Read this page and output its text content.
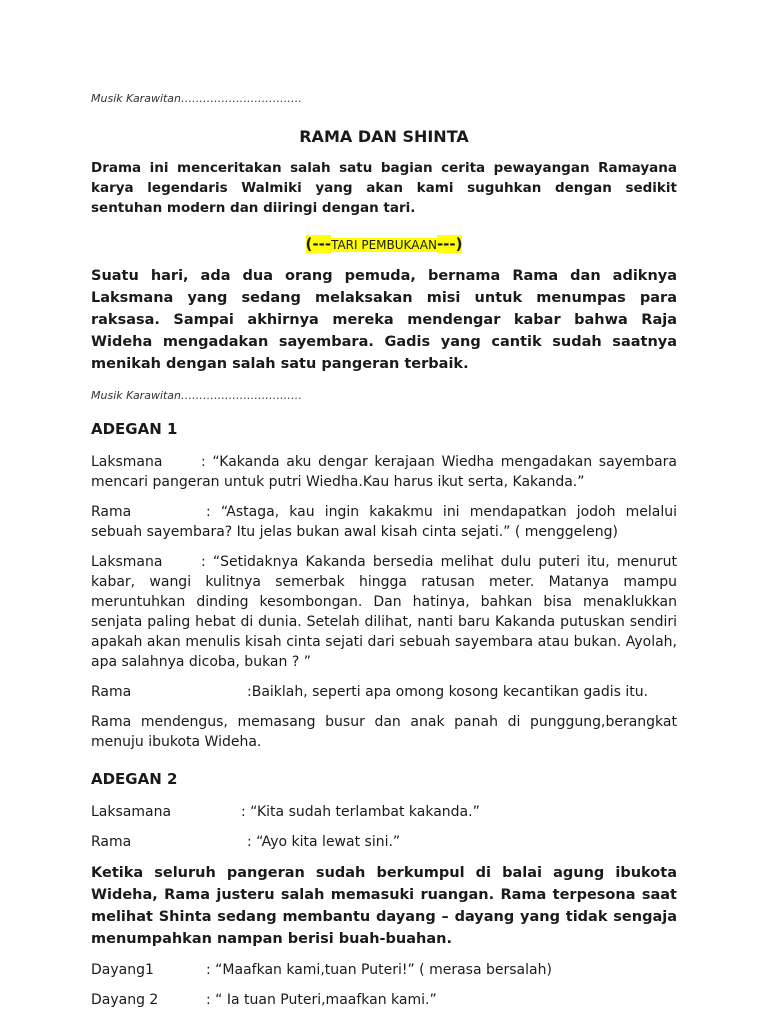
Musik Karawitan……………………………

RAMA DAN SHINTA

Drama ini menceritakan salah satu bagian cerita pewayangan Ramayana karya legendaris Walmiki yang akan kami suguhkan dengan sedikit sentuhan modern dan diiringi dengan tari.

(---TARI PEMBUKAAN---)

Suatu hari, ada dua orang pemuda, bernama Rama dan adiknya Laksmana yang sedang melaksakan misi untuk menumpas para raksasa. Sampai akhirnya mereka mendengar kabar bahwa Raja Wideha mengadakan sayembara. Gadis yang cantik sudah saatnya menikah dengan salah satu pangeran terbaik.

Musik Karawitan……………………………

ADEGAN 1

Laksmana	: “Kakanda aku dengar kerajaan Wiedha mengadakan sayembara mencari pangeran untuk putri Wiedha.Kau harus ikut serta, Kakanda.”

Rama	: “Astaga, kau ingin kakakmu ini mendapatkan jodoh melalui sebuah sayembara? Itu jelas bukan awal kisah cinta sejati.” ( menggeleng)

Laksmana	: “Setidaknya Kakanda bersedia melihat dulu puteri itu, menurut kabar, wangi kulitnya semerbak hingga ratusan meter. Matanya mampu meruntuhkan dinding kesombongan. Dan hatinya, bahkan bisa menaklukkan senjata paling hebat di dunia. Setelah dilihat, nanti baru Kakanda putuskan sendiri apakah akan menulis kisah cinta sejati dari sebuah sayembara atau bukan. Ayolah, apa salahnya dicoba, bukan ? ”

Rama	:Baiklah, seperti apa omong kosong kecantikan gadis itu.

Rama mendengus, memasang busur dan anak panah di punggung,berangkat menuju ibukota Wideha.

ADEGAN 2

Laksamana	: “Kita sudah terlambat kakanda.”

Rama	: “Ayo kita lewat sini.”

Ketika seluruh pangeran sudah berkumpul di balai agung ibukota Wideha, Rama justeru salah memasuki ruangan. Rama terpesona saat melihat Shinta sedang membantu dayang – dayang yang tidak sengaja menumpahkan nampan berisi buah-buahan.

Dayang1	: “Maafkan kami,tuan Puteri!” ( merasa bersalah)

Dayang 2	: “ Ia tuan Puteri,maafkan kami.”
